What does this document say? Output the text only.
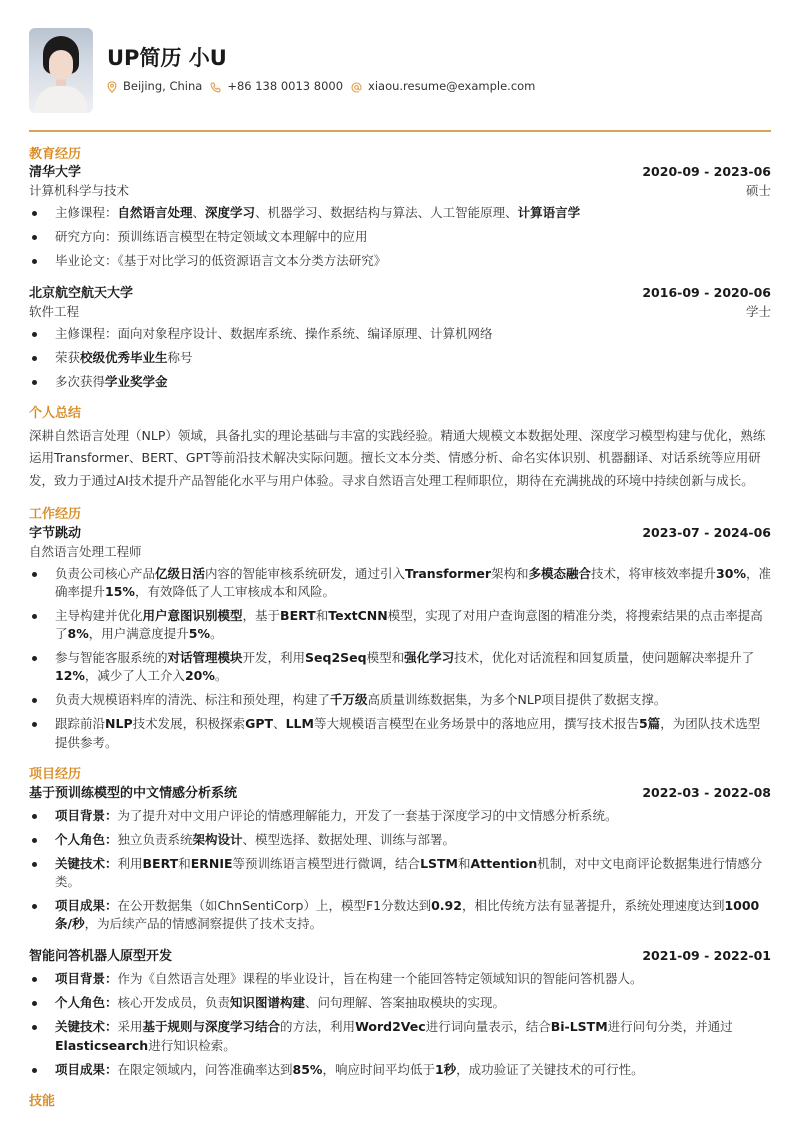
UP简历 小U
Beijing, China +86 138 0013 8000 xiaou.resume@example.com
教育经历
清华大学	2020-09 - 2023-06
计算机科学与技术	硕士
主修课程：自然语言处理、深度学习、机器学习、数据结构与算法、人工智能原理、计算语言学
研究方向：预训练语言模型在特定领域文本理解中的应用
毕业论文：《基于对比学习的低资源语言文本分类方法研究》
北京航空航天大学	2016-09 - 2020-06
软件工程	学士
主修课程：面向对象程序设计、数据库系统、操作系统、编译原理、计算机网络
荣获校级优秀毕业生称号
多次获得学业奖学金
个人总结
深耕自然语言处理（NLP）领域，具备扎实的理论基础与丰富的实践经验。精通大规模文本数据处理、深度学习模型构建与优化，熟练运用Transformer、BERT、GPT等前沿技术解决实际问题。擅长文本分类、情感分析、命名实体识别、机器翻译、对话系统等应用研发，致力于通过AI技术提升产品智能化水平与用户体验。寻求自然语言处理工程师职位，期待在充满挑战的环境中持续创新与成长。
工作经历
字节跳动	2023-07 - 2024-06
自然语言处理工程师
负责公司核心产品亿级日活内容的智能审核系统研发，通过引入Transformer架构和多模态融合技术，将审核效率提升30%，准确率提升15%，有效降低了人工审核成本和风险。
主导构建并优化用户意图识别模型，基于BERT和TextCNN模型，实现了对用户查询意图的精准分类，将搜索结果的点击率提高了8%，用户满意度提升5%。
参与智能客服系统的对话管理模块开发，利用Seq2Seq模型和强化学习技术，优化对话流程和回复质量，使问题解决率提升了12%，减少了人工介入20%。
负责大规模语料库的清洗、标注和预处理，构建了千万级高质量训练数据集，为多个NLP项目提供了数据支撑。
跟踪前沿NLP技术发展，积极探索GPT、LLM等大规模语言模型在业务场景中的落地应用，撰写技术报告5篇，为团队技术选型提供参考。
项目经历
基于预训练模型的中文情感分析系统	2022-03 - 2022-08
项目背景：为了提升对中文用户评论的情感理解能力，开发了一套基于深度学习的中文情感分析系统。
个人角色：独立负责系统架构设计、模型选择、数据处理、训练与部署。
关键技术：利用BERT和ERNIE等预训练语言模型进行微调，结合LSTM和Attention机制，对中文电商评论数据集进行情感分类。
项目成果：在公开数据集（如ChnSentiCorp）上，模型F1分数达到0.92，相比传统方法有显著提升，系统处理速度达到1000条/秒，为后续产品的情感洞察提供了技术支持。
智能问答机器人原型开发	2021-09 - 2022-01
项目背景：作为《自然语言处理》课程的毕业设计，旨在构建一个能回答特定领域知识的智能问答机器人。
个人角色：核心开发成员，负责知识图谱构建、问句理解、答案抽取模块的实现。
关键技术：采用基于规则与深度学习结合的方法，利用Word2Vec进行词向量表示，结合Bi-LSTM进行问句分类，并通过Elasticsearch进行知识检索。
项目成果：在限定领域内，问答准确率达到85%，响应时间平均低于1秒，成功验证了关键技术的可行性。
技能
